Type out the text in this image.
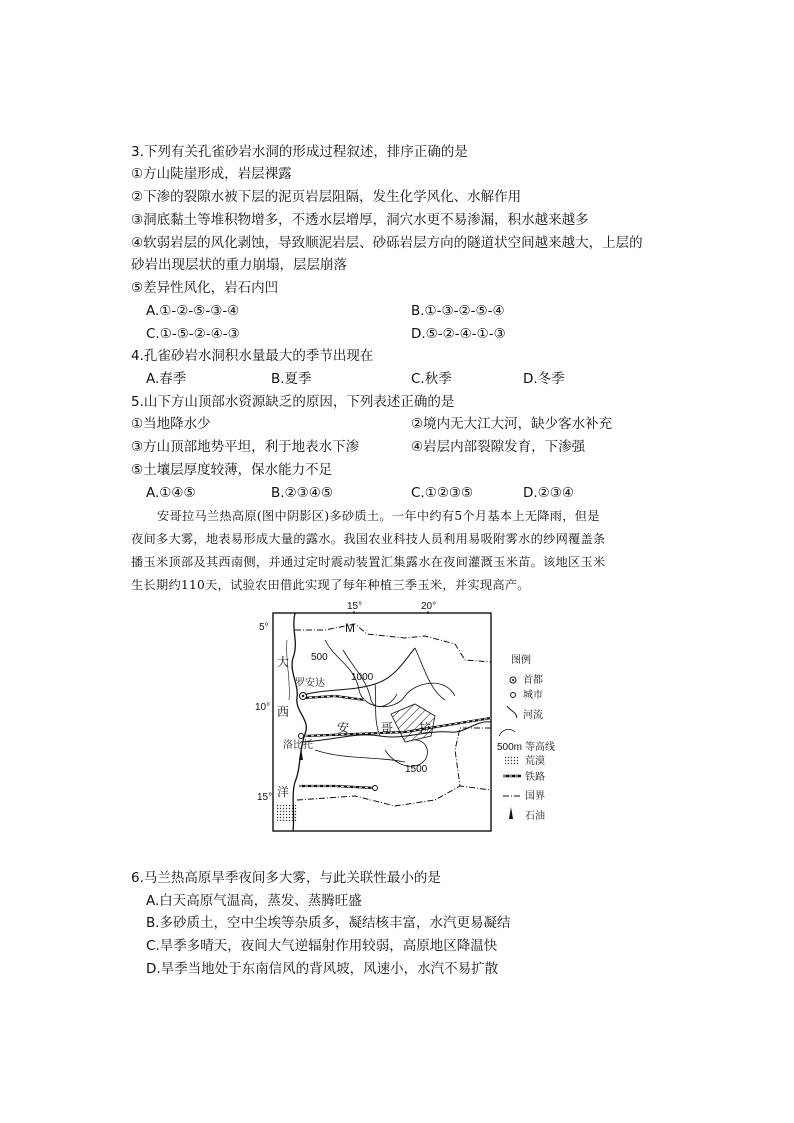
3.下列有关孔雀砂岩水洞的形成过程叙述，排序正确的是
①方山陡崖形成，岩层裸露
②下渗的裂隙水被下层的泥页岩层阻隔，发生化学风化、水解作用
③洞底黏土等堆积物增多，不透水层增厚，洞穴水更不易渗漏，积水越来越多
④软弱岩层的风化剥蚀，导致顺泥岩层、砂砾岩层方向的隧道状空间越来越大，上层的
砂岩出现层状的重力崩塌，层层崩落
⑤差异性风化，岩石内凹
A.①-②-⑤-③-④	B.①-③-②-⑤-④
C.①-⑤-②-④-③	D.⑤-②-④-①-③
4.孔雀砂岩水洞积水量最大的季节出现在
A.春季	B.夏季	C.秋季	D.冬季
5.山下方山顶部水资源缺乏的原因，下列表述正确的是
①当地降水少	②境内无大江大河，缺少客水补充
③方山顶部地势平坦，利于地表水下渗	④岩层内部裂隙发育，下渗强
⑤土壤层厚度较薄，保水能力不足
A.①④⑤	B.②③④⑤	C.①②③⑤	D.②③④
安哥拉马兰热高原(图中阴影区)多砂质土。一年中约有5个月基本上无降雨，但是
夜间多大雾，地表易形成大量的露水。我国农业科技人员利用易吸附雾水的纱网覆盖条
播玉米顶部及其西南侧，并通过定时震动装置汇集露水在夜间灌溉玉米苗。该地区玉米
生长期约110天，试验农田借此实现了每年种植三季玉米，并实现高产。
15°	20°
5°
10°
15°
M
大
西
洋
安	哥 拉
罗安达
洛比托
500
1000
1500
图例
首都
城市
河流
500m 等高线
荒漠
铁路
国界
石油
6.马兰热高原旱季夜间多大雾，与此关联性最小的是
A.白天高原气温高，蒸发、蒸腾旺盛
B.多砂质土，空中尘埃等杂质多，凝结核丰富，水汽更易凝结
C.旱季多晴天，夜间大气逆辐射作用较弱，高原地区降温快
D.旱季当地处于东南信风的背风坡，风速小，水汽不易扩散
